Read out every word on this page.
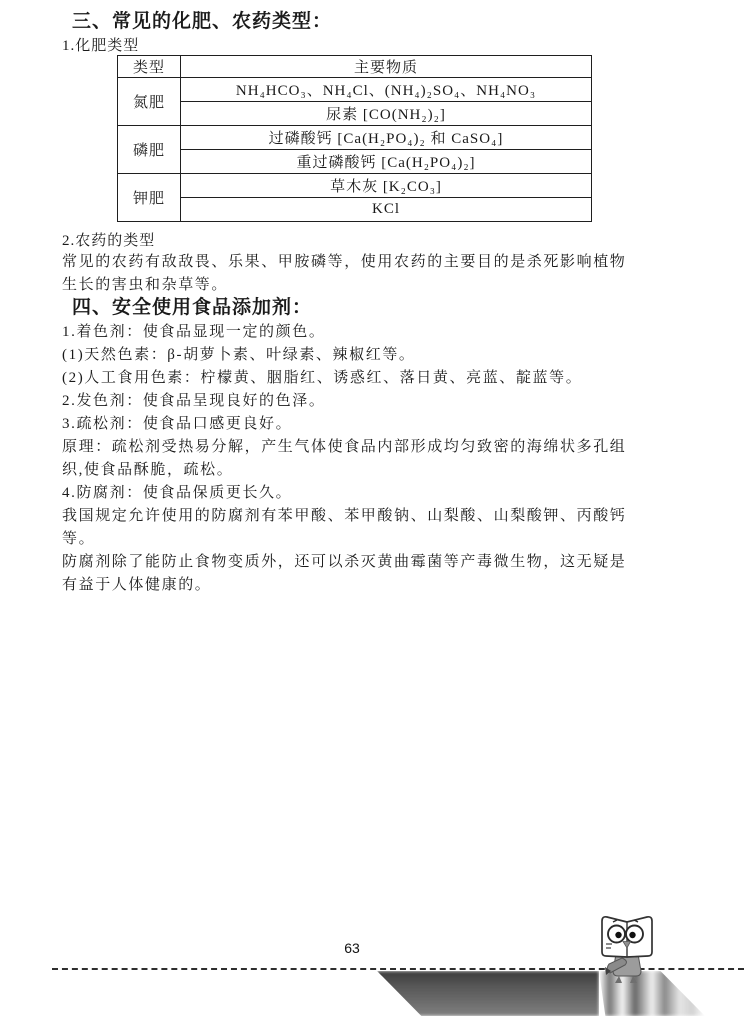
三、常见的化肥、农药类型：
1.化肥类型
类型	主要物质
氮肥	NH₄HCO₃、NH₄Cl、(NH₄)₂SO₄、NH₄NO₃
	尿素 [CO(NH₂)₂]
磷肥	过磷酸钙 [Ca(H₂PO₄)₂ 和 CaSO₄]
	重过磷酸钙 [Ca(H₂PO₄)₂]
钾肥	草木灰 [K₂CO₃]
	KCl
2.农药的类型
常见的农药有敌敌畏、乐果、甲胺磷等，使用农药的主要目的是杀死影响植物
生长的害虫和杂草等。
四、安全使用食品添加剂：
1.着色剂：使食品显现一定的颜色。
(1)天然色素：β-胡萝卜素、叶绿素、辣椒红等。
(2)人工食用色素：柠檬黄、胭脂红、诱惑红、落日黄、亮蓝、靛蓝等。
2.发色剂：使食品呈现良好的色泽。
3.疏松剂：使食品口感更良好。
原理：疏松剂受热易分解，产生气体使食品内部形成均匀致密的海绵状多孔组
织,使食品酥脆，疏松。
4.防腐剂：使食品保质更长久。
我国规定允许使用的防腐剂有苯甲酸、苯甲酸钠、山梨酸、山梨酸钾、丙酸钙
等。
防腐剂除了能防止食物变质外，还可以杀灭黄曲霉菌等产毒微生物，这无疑是
有益于人体健康的。
63
